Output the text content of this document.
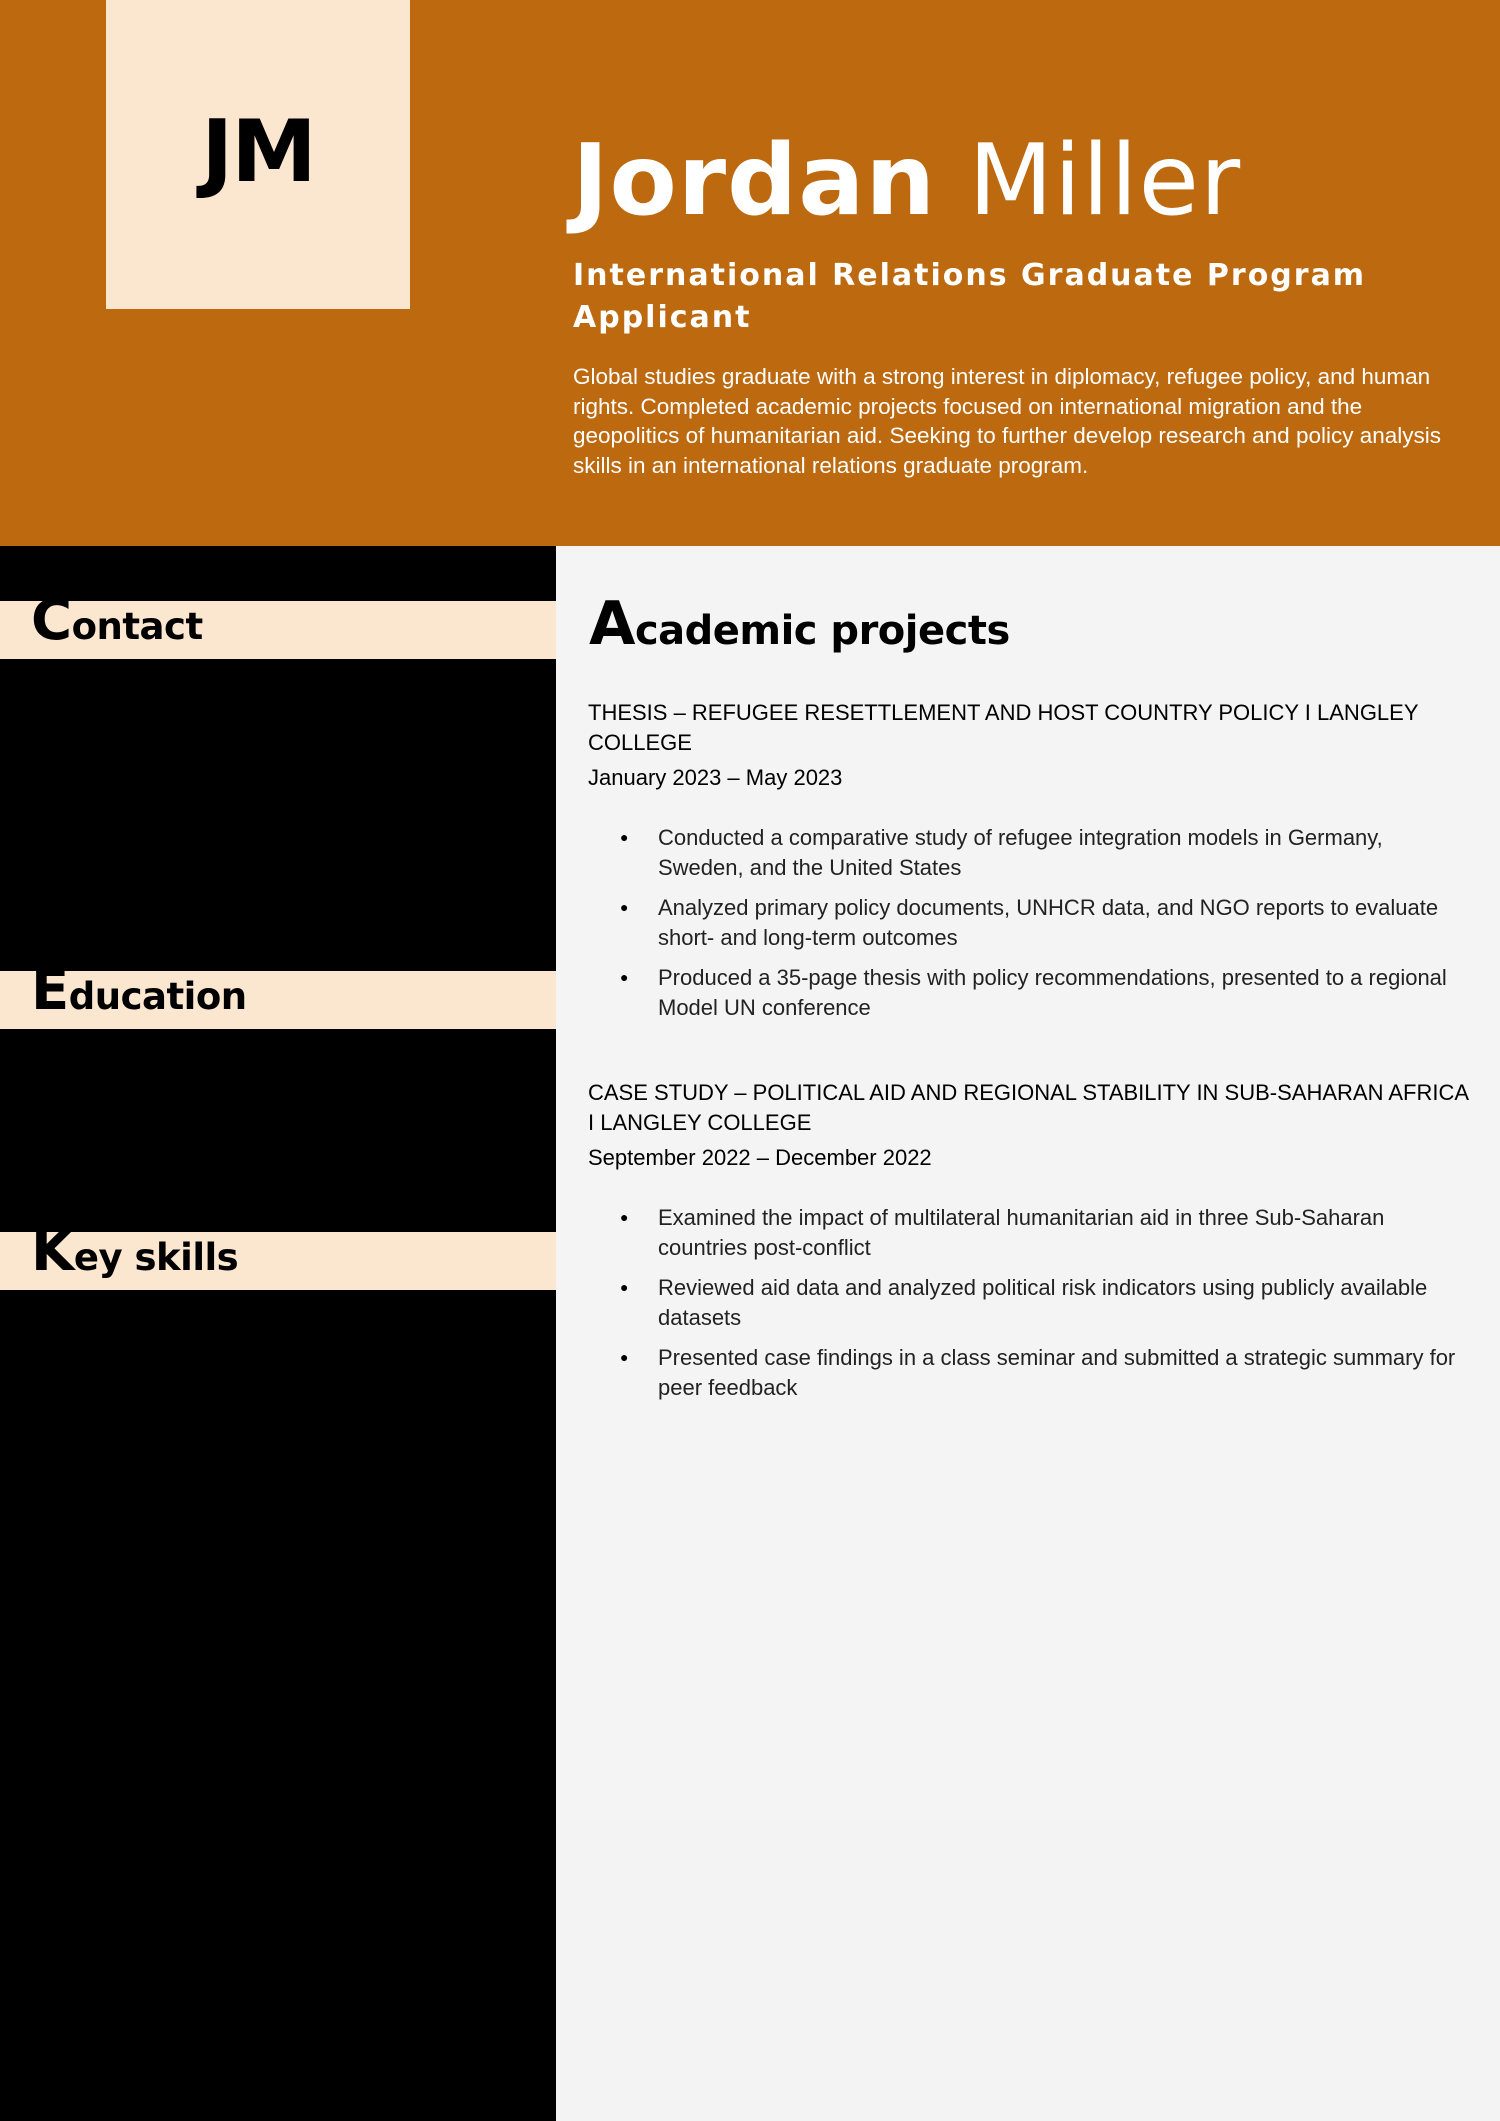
JM	Jordan Miller
International Relations Graduate Program Applicant
Global studies graduate with a strong interest in diplomacy, refugee policy, and human rights. Completed academic projects focused on international migration and the geopolitics of humanitarian aid. Seeking to further develop research and policy analysis skills in an international relations graduate program.
Contact
Education
Key skills
Academic projects
THESIS – REFUGEE RESETTLEMENT AND HOST COUNTRY POLICY I LANGLEY COLLEGE
January 2023 – May 2023
● Conducted a comparative study of refugee integration models in Germany, Sweden, and the United States
● Analyzed primary policy documents, UNHCR data, and NGO reports to evaluate short- and long-term outcomes
● Produced a 35-page thesis with policy recommendations, presented to a regional Model UN conference
CASE STUDY – POLITICAL AID AND REGIONAL STABILITY IN SUB-SAHARAN AFRICA I LANGLEY COLLEGE
September 2022 – December 2022
● Examined the impact of multilateral humanitarian aid in three Sub-Saharan countries post-conflict
● Reviewed aid data and analyzed political risk indicators using publicly available datasets
● Presented case findings in a class seminar and submitted a strategic summary for peer feedback
